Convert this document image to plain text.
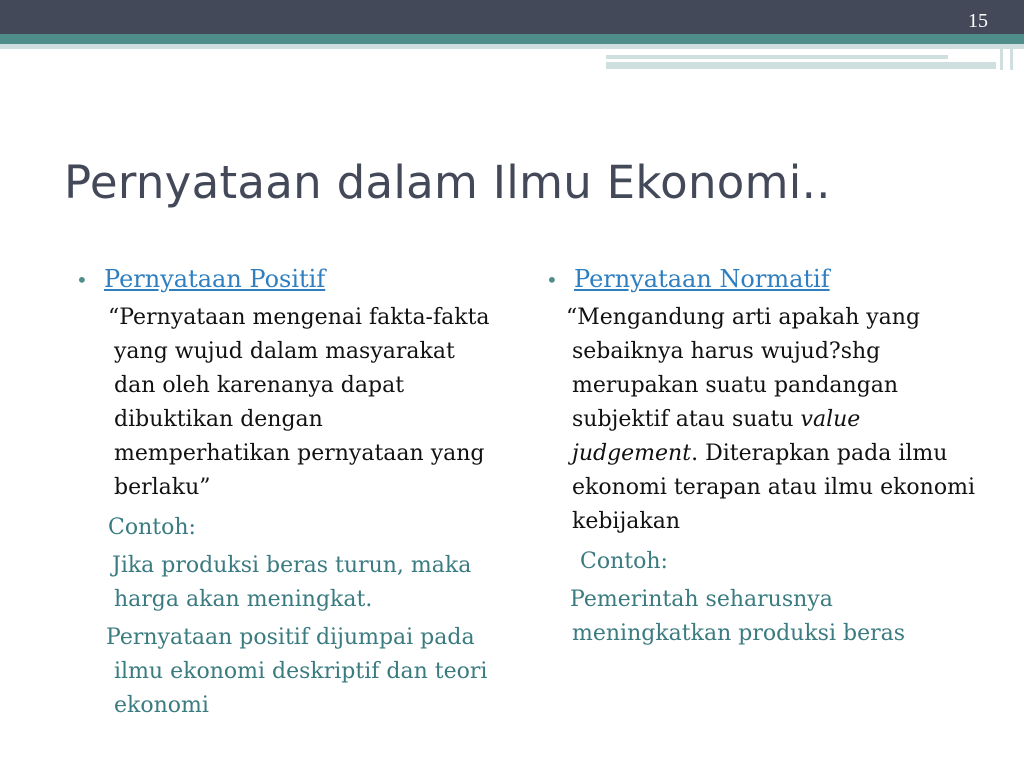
15
Pernyataan dalam Ilmu Ekonomi..
• Pernyataan Positif
“Pernyataan mengenai fakta-fakta yang wujud dalam masyarakat dan oleh karenanya dapat dibuktikan dengan memperhatikan pernyataan yang berlaku”
Contoh:
Jika produksi beras turun, maka harga akan meningkat.
Pernyataan positif dijumpai pada ilmu ekonomi deskriptif dan teori ekonomi
• Pernyataan Normatif
“Mengandung arti apakah yang sebaiknya harus wujud?shg merupakan suatu pandangan subjektif atau suatu value judgement. Diterapkan pada ilmu ekonomi terapan atau ilmu ekonomi kebijakan
Contoh:
Pemerintah seharusnya meningkatkan produksi beras
